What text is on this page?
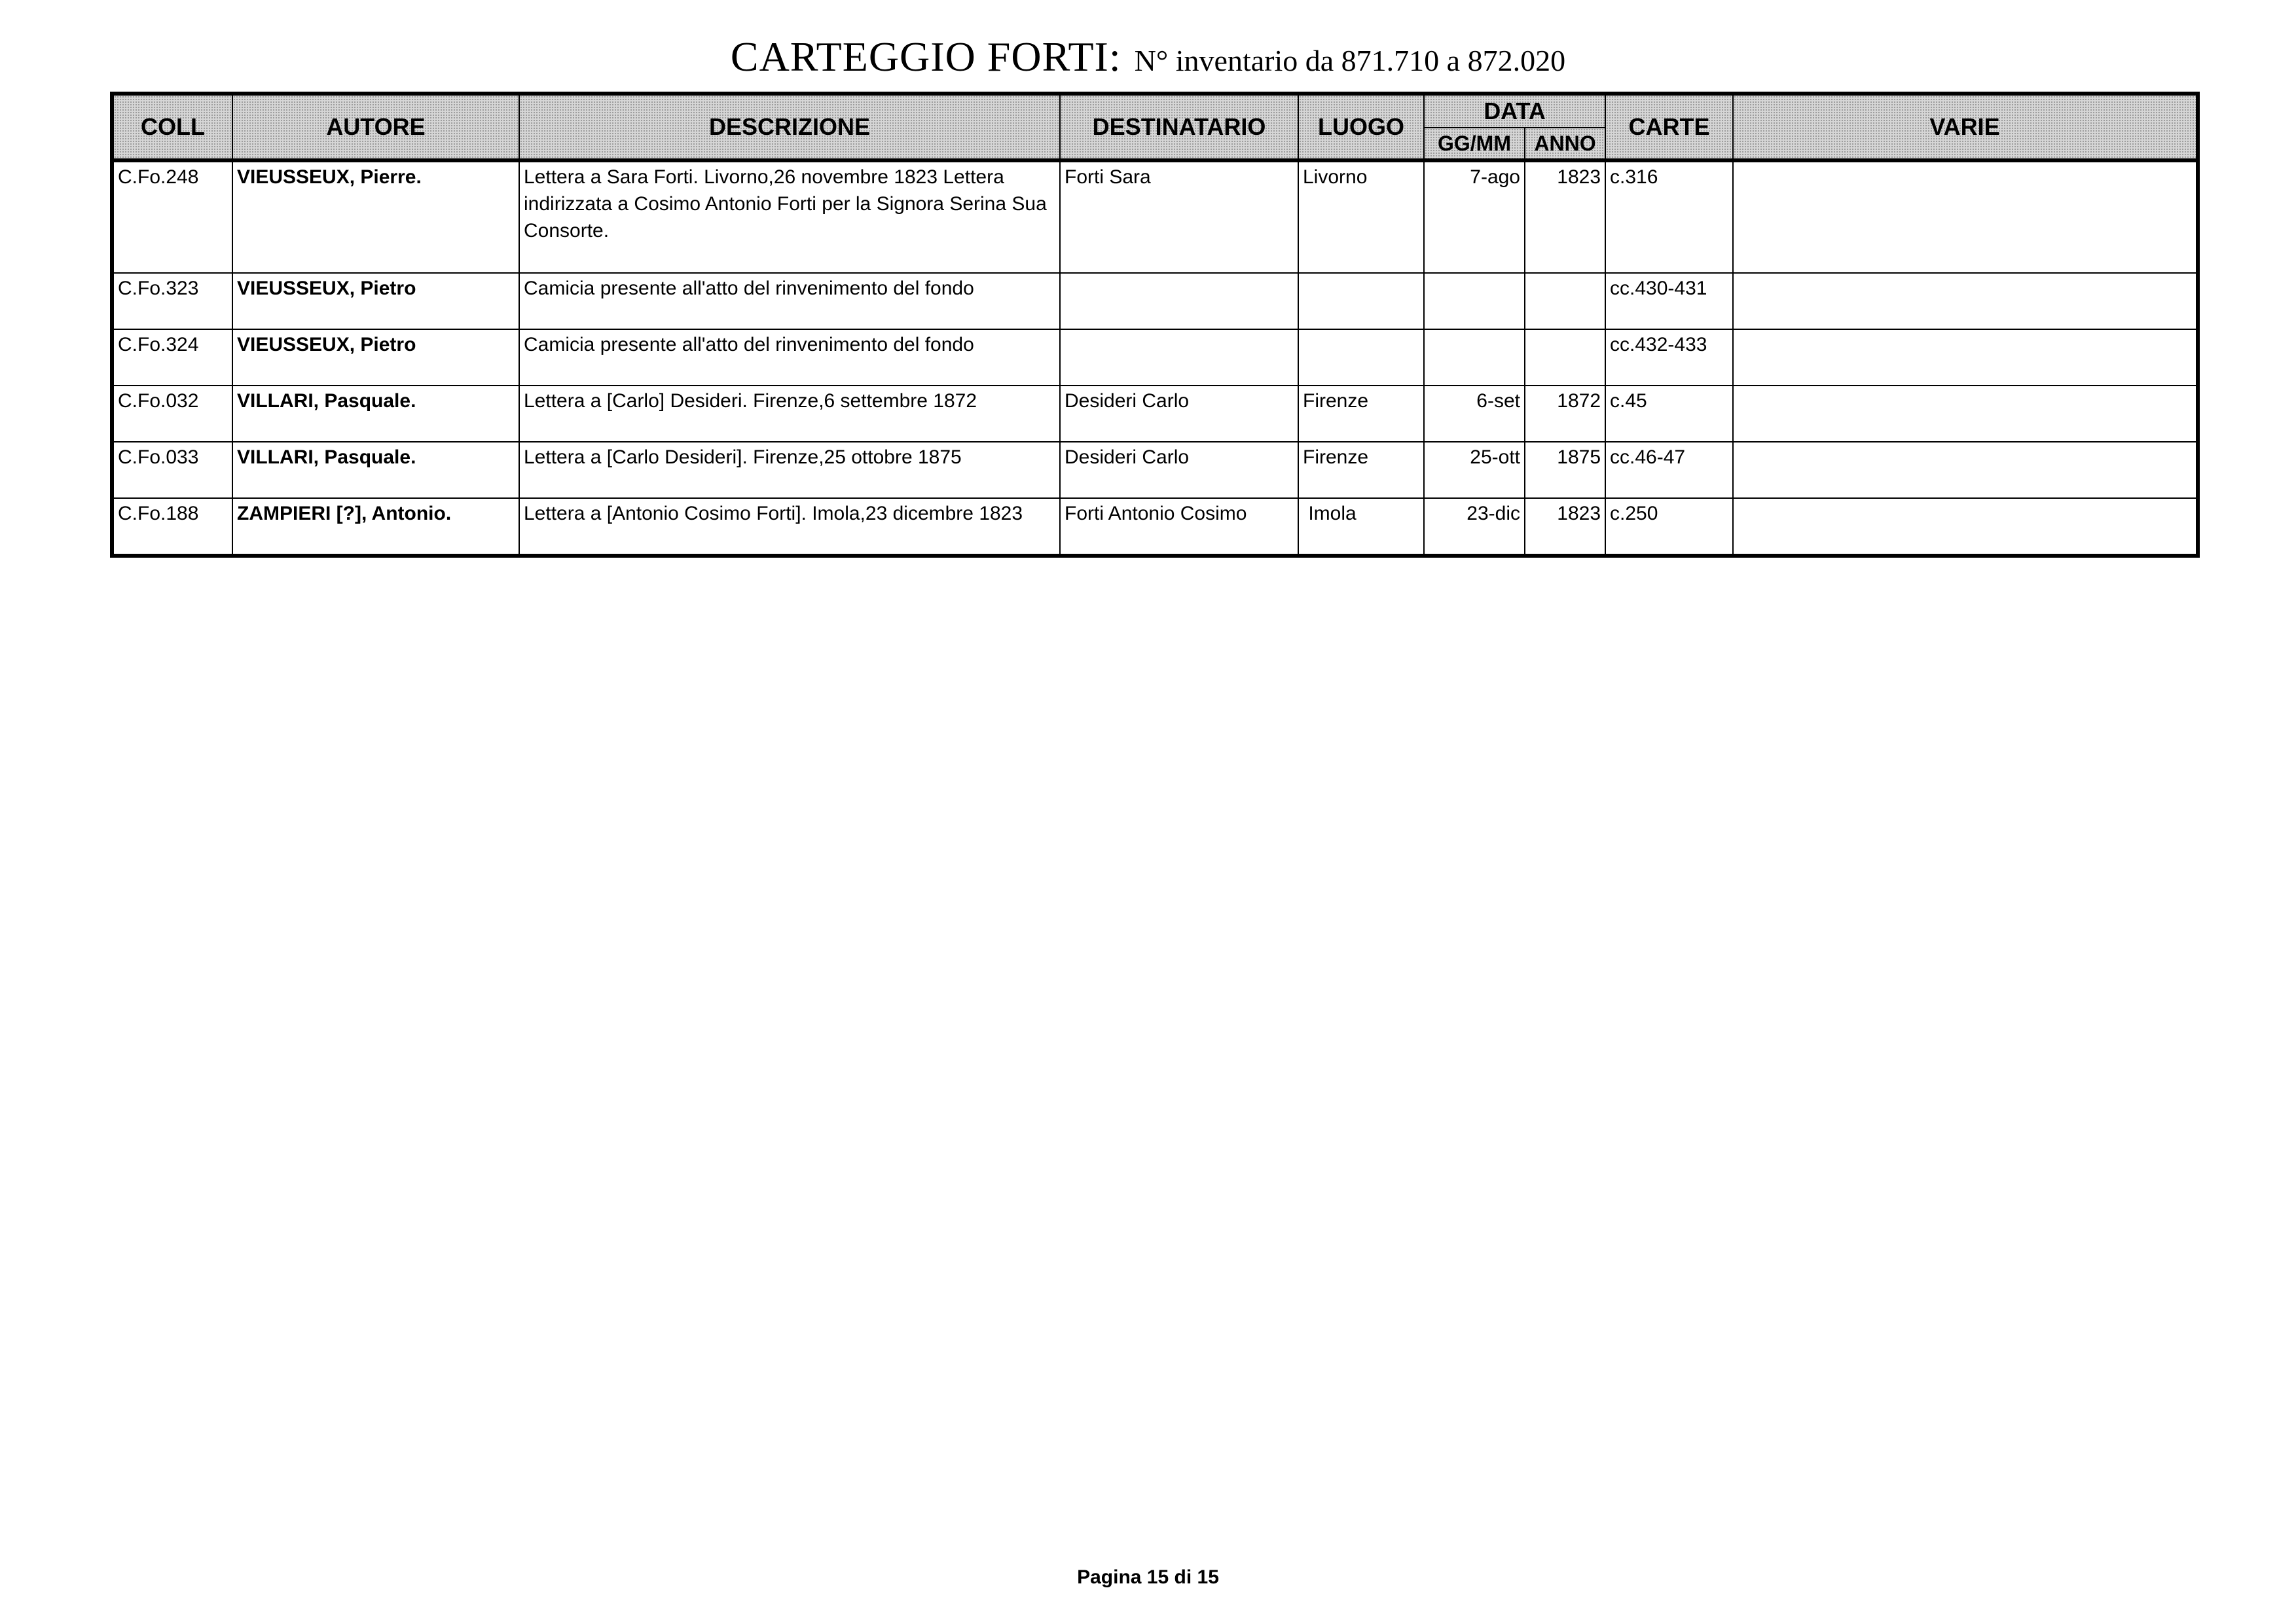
CARTEGGIO FORTI: N° inventario da 871.710 a 872.020
COLL	AUTORE	DESCRIZIONE	DESTINATARIO	LUOGO	DATA		CARTE	VARIE
					GG/MM	ANNO		
C.Fo.248	VIEUSSEUX, Pierre.	Lettera a Sara Forti. Livorno,26 novembre 1823 Lettera indirizzata a Cosimo Antonio Forti per la Signora Serina Sua Consorte.	Forti Sara	Livorno	7-ago	1823	c.316	
C.Fo.323	VIEUSSEUX, Pietro	Camicia presente all'atto del rinvenimento del fondo					cc.430-431	
C.Fo.324	VIEUSSEUX, Pietro	Camicia presente all'atto del rinvenimento del fondo					cc.432-433	
C.Fo.032	VILLARI, Pasquale.	Lettera a [Carlo] Desideri. Firenze,6 settembre 1872	Desideri Carlo	Firenze	6-set	1872	c.45	
C.Fo.033	VILLARI, Pasquale.	Lettera a [Carlo Desideri]. Firenze,25 ottobre 1875	Desideri Carlo	Firenze	25-ott	1875	cc.46-47	
C.Fo.188	ZAMPIERI [?], Antonio.	Lettera a [Antonio Cosimo Forti]. Imola,23 dicembre 1823	Forti Antonio Cosimo	Imola	23-dic	1823	c.250	
Pagina 15 di 15
